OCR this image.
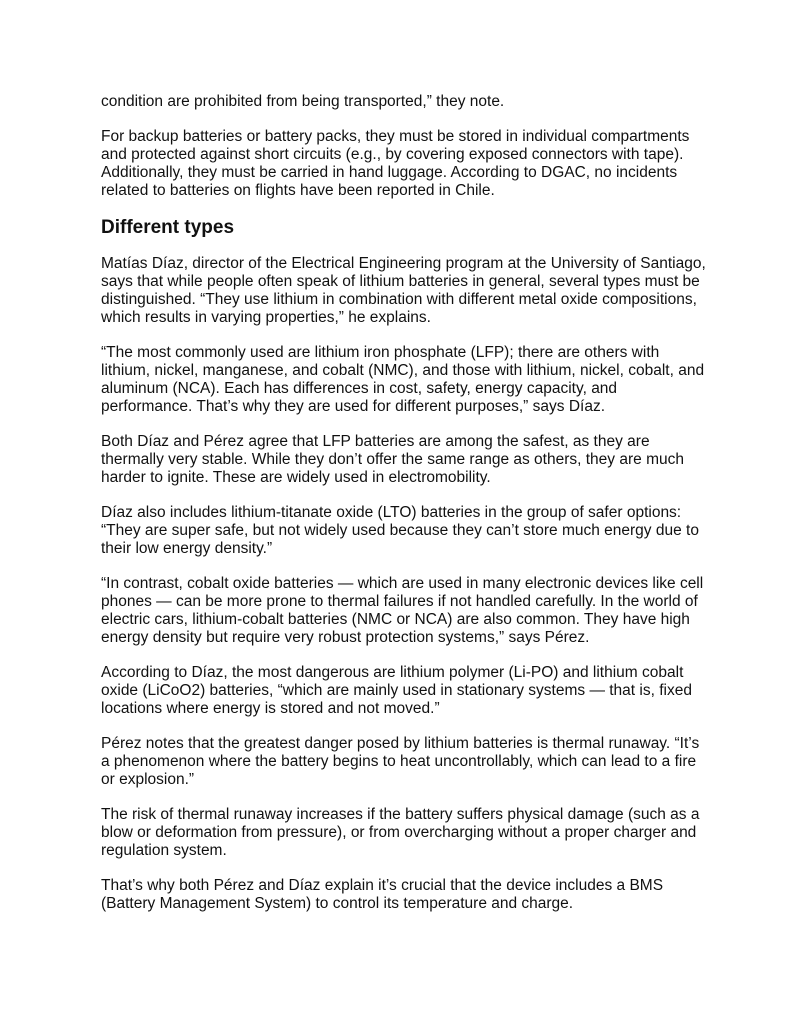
condition are prohibited from being transported,” they note.

For backup batteries or battery packs, they must be stored in individual compartments and protected against short circuits (e.g., by covering exposed connectors with tape). Additionally, they must be carried in hand luggage. According to DGAC, no incidents related to batteries on flights have been reported in Chile.

Different types

Matías Díaz, director of the Electrical Engineering program at the University of Santiago, says that while people often speak of lithium batteries in general, several types must be distinguished. “They use lithium in combination with different metal oxide compositions, which results in varying properties,” he explains.

“The most commonly used are lithium iron phosphate (LFP); there are others with lithium, nickel, manganese, and cobalt (NMC), and those with lithium, nickel, cobalt, and aluminum (NCA). Each has differences in cost, safety, energy capacity, and performance. That’s why they are used for different purposes,” says Díaz.

Both Díaz and Pérez agree that LFP batteries are among the safest, as they are thermally very stable. While they don’t offer the same range as others, they are much harder to ignite. These are widely used in electromobility.

Díaz also includes lithium-titanate oxide (LTO) batteries in the group of safer options: “They are super safe, but not widely used because they can’t store much energy due to their low energy density.”

“In contrast, cobalt oxide batteries — which are used in many electronic devices like cell phones — can be more prone to thermal failures if not handled carefully. In the world of electric cars, lithium-cobalt batteries (NMC or NCA) are also common. They have high energy density but require very robust protection systems,” says Pérez.

According to Díaz, the most dangerous are lithium polymer (Li-PO) and lithium cobalt oxide (LiCoO2) batteries, “which are mainly used in stationary systems — that is, fixed locations where energy is stored and not moved.”

Pérez notes that the greatest danger posed by lithium batteries is thermal runaway. “It’s a phenomenon where the battery begins to heat uncontrollably, which can lead to a fire or explosion.”

The risk of thermal runaway increases if the battery suffers physical damage (such as a blow or deformation from pressure), or from overcharging without a proper charger and regulation system.

That’s why both Pérez and Díaz explain it’s crucial that the device includes a BMS (Battery Management System) to control its temperature and charge.
